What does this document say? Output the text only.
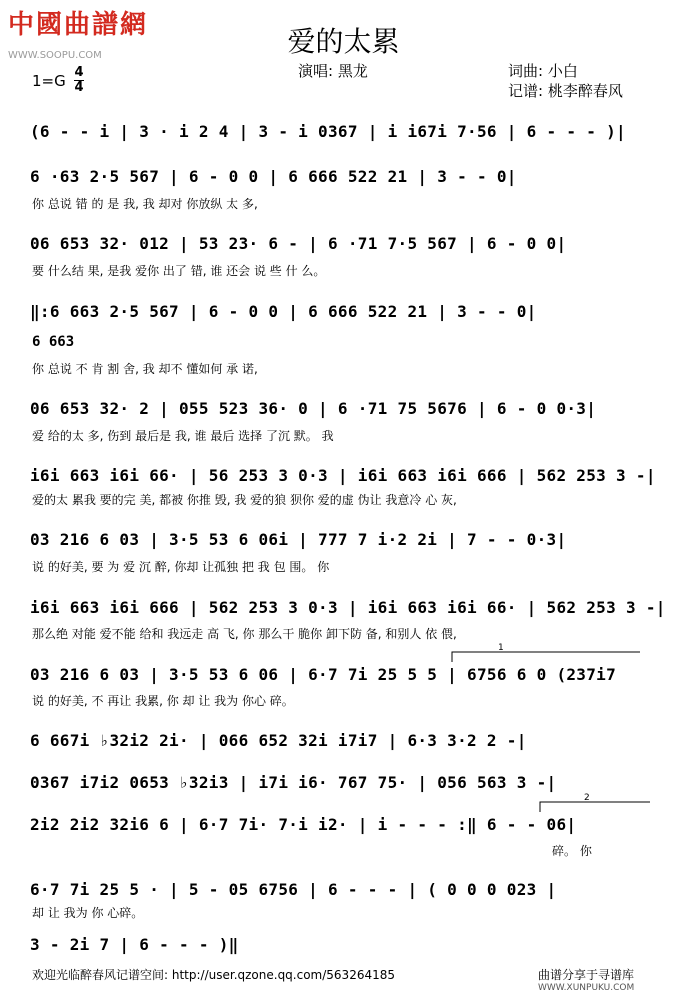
中國曲譜網
WWW.SOOPU.COM	爱的太累
演唱: 黑龙	词曲: 小白
记谱: 桃李醉春风
1=G 4
4
(6 - - i | 3 · i 2 4 | 3 - i 0367 | i i67i 7·56 | 6 - - - )|
6 ·63 2·5 567 | 6 - 0 0 | 6 666 522 21 | 3 - - 0|
你 总说 错 的 是 我, 我 却对 你放纵 太 多,
06 653 32· 012 | 53 23· 6 - | 6 ·71 7·5 567 | 6 - 0 0|
要 什么结 果, 是我 爱你 出了 错, 谁 还会 说 些 什 么。
‖:6 663 2·5 567 | 6 - 0 0 | 6 666 522 21 | 3 - - 0|
6 663
你 总说 不 肯 割 舍, 我 却不 懂如何 承 诺,
06 653 32· 2 | 055 523 36· 0 | 6 ·71 75 5676 | 6 - 0 0·3|
爱 给的太 多, 伤到 最后是 我, 谁 最后 选择 了沉 默。 我
i6i 663 i6i 66· | 56 253 3 0·3 | i6i 663 i6i 666 | 562 253 3 -|
爱的太 累我 要的完 美, 都被 你推 毁, 我 爱的狼 狈你 爱的虚 伪让 我意冷 心 灰,
03 216 6 03 | 3·5 53 6 06i | 777 7 i·2 2i | 7 - - 0·3|
说 的好美, 要 为 爱 沉 醉, 你却 让孤独 把 我 包 围。 你
i6i 663 i6i 666 | 562 253 3 0·3 | i6i 663 i6i 66· | 562 253 3 -|
那么绝 对能 爱不能 给和 我远走 高 飞, 你 那么干 脆你 卸下防 备, 和别人 依 偎,
03 216 6 03 | 3·5 53 6 06 | 6·7 7i 25 5 5 | 6756 6 0 (237i7
说 的好美, 不 再让 我累, 你 却 让 我为 你心 碎。
6 667i ♭32i2 2i· | 066 652 32i i7i7 | 6·3 3·2 2 -|
0367 i7i2 0653 ♭32i3 | i7i i6· 767 75· | 056 563 3 -|
2i2 2i2 32i6 6 | 6·7 7i· 7·i i2· | i - - - :‖ 6 - - 06|
碎。 你
6·7 7i 25 5 · | 5 - 05 6756 | 6 - - - | ( 0 0 0 023 |
却 让 我为 你 心碎。
3 - 2i 7 | 6 - - - )‖
欢迎光临醉春风记谱空间: http://user.qzone.qq.com/563264185	曲谱分享于寻谱库
WWW.XUNPUKU.COM
1
2
